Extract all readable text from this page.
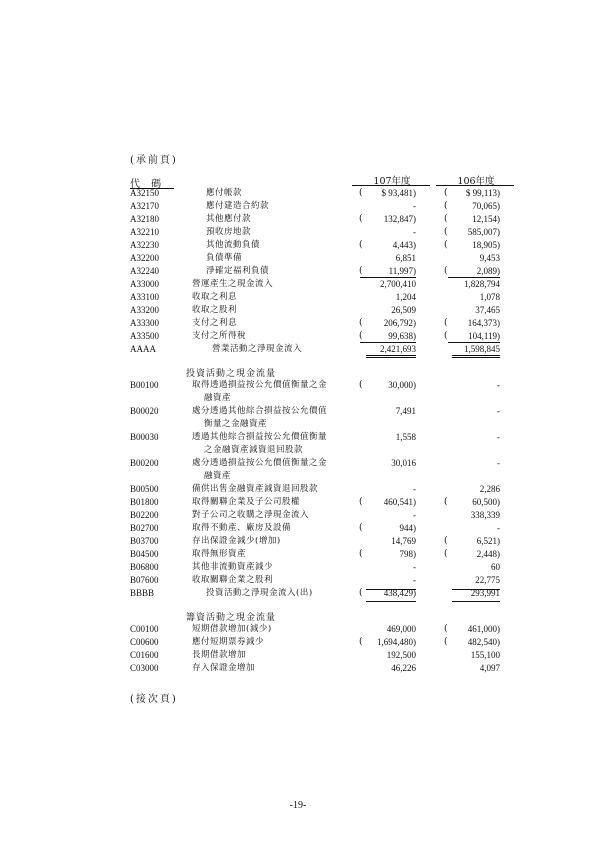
(承前頁)
代 碼	107年度	106年度
A32150	應付帳款	(	$ 93,481)	(	$ 99,113)
A32170	應付建造合約款	-	(	70,065)
A32180	其他應付款	(	132,847)	(	12,154)
A32210	預收房地款	-	(	585,007)
A32230	其他流動負債	(	4,443)	(	18,905)
A32200	負債準備	6,851	9,453
A32240	淨確定福利負債	(	11,997)	(	2,089)
A33000	營運產生之現金流入	2,700,410	1,828,794
A33100	收取之利息	1,204	1,078
A33200	收取之股利	26,509	37,465
A33300	支付之利息	(	206,792)	(	164,373)
A33500	支付之所得稅	(	99,638)	(	104,119)
AAAA	營業活動之淨現金流入	2,421,693	1,598,845
投資活動之現金流量
B00100	取得透過損益按公允價值衡量之金	(	30,000)	-
融資產
B00020	處分透過其他綜合損益按公允價值	7,491	-
衡量之金融資產
B00030	透過其他綜合損益按公允價值衡量	1,558	-
之金融資產減資退回股款
B00200	處分透過損益按公允價值衡量之金	30,016	-
融資產
B00500	備供出售金融資產減資退回股款	-	2,286
B01800	取得關聯企業及子公司股權	(	460,541)	(	60,500)
B02200	對子公司之收購之淨現金流入	-	338,339
B02700	取得不動產、廠房及設備	(	944)	-
B03700	存出保證金減少(增加)	14,769	(	6,521)
B04500	取得無形資產	(	798)	(	2,448)
B06800	其他非流動資產減少	-	60
B07600	收取關聯企業之股利	-	22,775
BBBB	投資活動之淨現金流入(出)	(	438,429)	293,991
籌資活動之現金流量
C00100	短期借款增加(減少)	469,000	(	461,000)
C00600	應付短期票券減少	(	1,694,480)	(	482,540)
C01600	長期借款增加	192,500	155,100
C03000	存入保證金增加	46,226	4,097
(接次頁)
-19-
